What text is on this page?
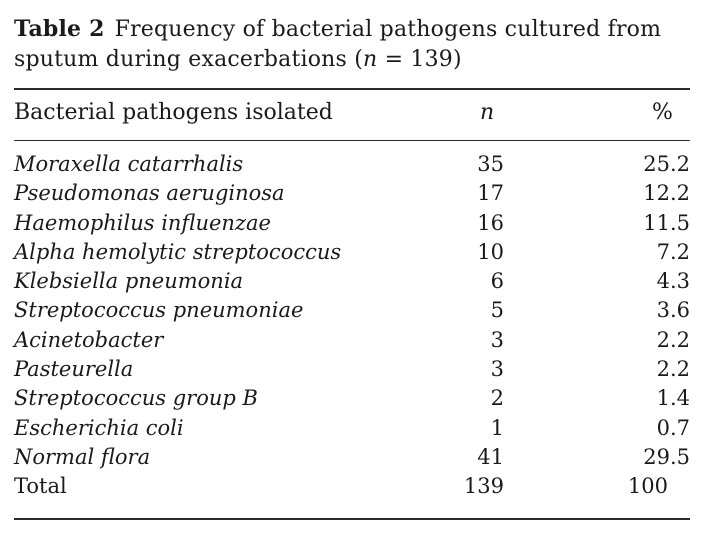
Table 2 Frequency of bacterial pathogens cultured from sputum during exacerbations (n = 139)
Bacterial pathogens isolated	n	%
Moraxella catarrhalis	35	25.2
Pseudomonas aeruginosa	17	12.2
Haemophilus influenzae	16	11.5
Alpha hemolytic streptococcus	10	7.2
Klebsiella pneumonia	6	4.3
Streptococcus pneumoniae	5	3.6
Acinetobacter	3	2.2
Pasteurella	3	2.2
Streptococcus group B	2	1.4
Escherichia coli	1	0.7
Normal flora	41	29.5
Total	139	100
